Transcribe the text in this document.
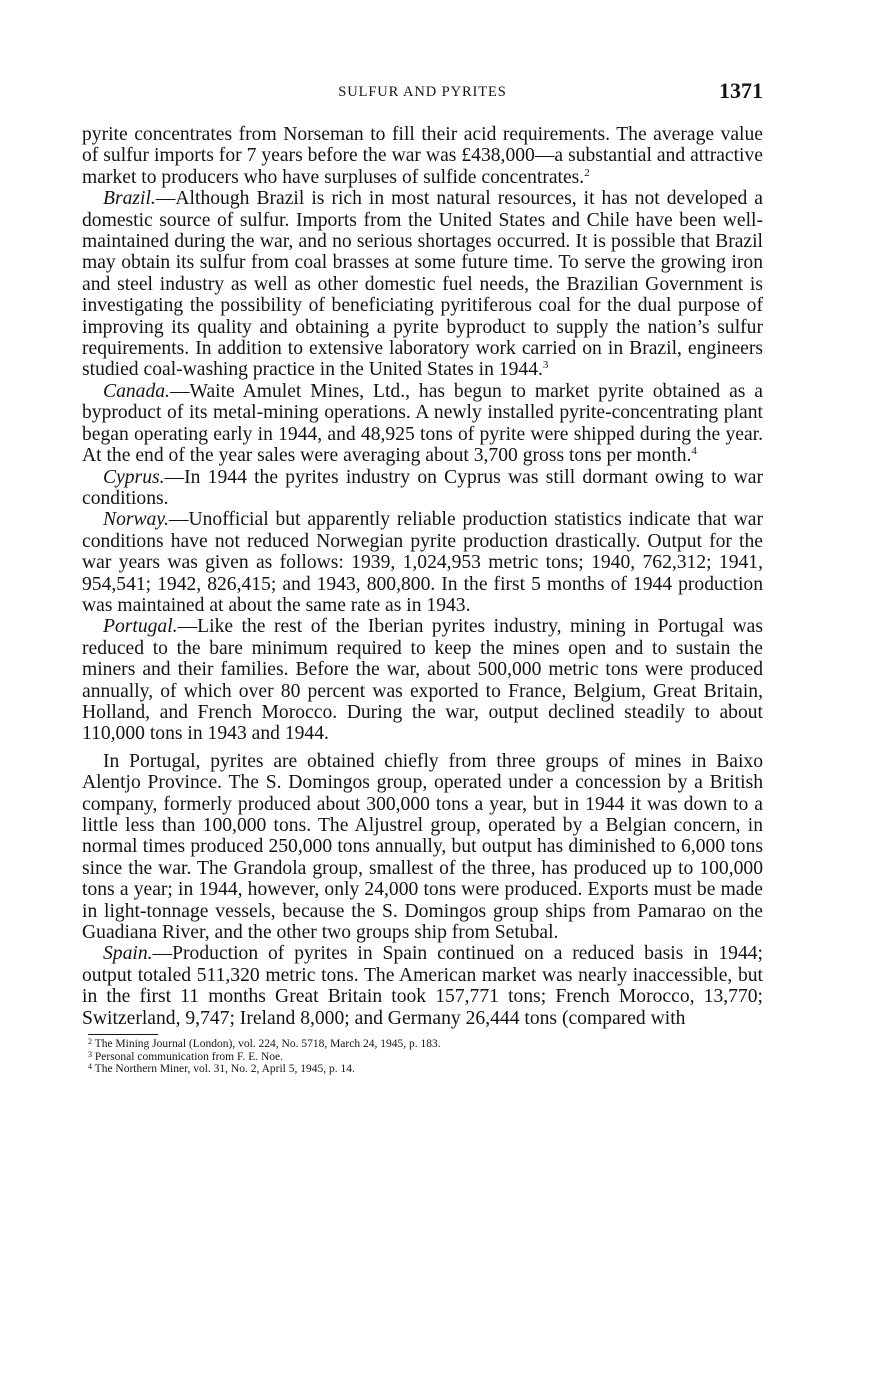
SULFUR AND PYRITES	1371

pyrite concentrates from Norseman to fill their acid requirements. The average value of sulfur imports for 7 years before the war was £438,000—a substantial and attractive market to producers who have surpluses of sulfide concentrates.$^2$

Brazil.—Although Brazil is rich in most natural resources, it has not developed a domestic source of sulfur. Imports from the United States and Chile have been well-maintained during the war, and no serious shortages occurred. It is possible that Brazil may obtain its sulfur from coal brasses at some future time. To serve the growing iron and steel industry as well as other domestic fuel needs, the Brazilian Government is investigating the possibility of beneficiating pyritiferous coal for the dual purpose of improving its quality and obtaining a pyrite byproduct to supply the nation’s sulfur requirements. In addition to extensive laboratory work carried on in Brazil, engineers studied coal-washing practice in the United States in 1944.$^3$

Canada.—Waite Amulet Mines, Ltd., has begun to market pyrite obtained as a byproduct of its metal-mining operations. A newly installed pyrite-concentrating plant began operating early in 1944, and 48,925 tons of pyrite were shipped during the year. At the end of the year sales were averaging about 3,700 gross tons per month.$^4$

Cyprus.—In 1944 the pyrites industry on Cyprus was still dormant owing to war conditions.

Norway.—Unofficial but apparently reliable production statistics indicate that war conditions have not reduced Norwegian pyrite production drastically. Output for the war years was given as follows: 1939, 1,024,953 metric tons; 1940, 762,312; 1941, 954,541; 1942, 826,415; and 1943, 800,800. In the first 5 months of 1944 production was maintained at about the same rate as in 1943.

Portugal.—Like the rest of the Iberian pyrites industry, mining in Portugal was reduced to the bare minimum required to keep the mines open and to sustain the miners and their families. Before the war, about 500,000 metric tons were produced annually, of which over 80 percent was exported to France, Belgium, Great Britain, Holland, and French Morocco. During the war, output declined steadily to about 110,000 tons in 1943 and 1944.

In Portugal, pyrites are obtained chiefly from three groups of mines in Baixo Alentjo Province. The S. Domingos group, operated under a concession by a British company, formerly produced about 300,000 tons a year, but in 1944 it was down to a little less than 100,000 tons. The Aljustrel group, operated by a Belgian concern, in normal times produced 250,000 tons annually, but output has diminished to 6,000 tons since the war. The Grandola group, smallest of the three, has produced up to 100,000 tons a year; in 1944, however, only 24,000 tons were produced. Exports must be made in light-tonnage vessels, because the S. Domingos group ships from Pamarao on the Guadiana River, and the other two groups ship from Setubal.

Spain.—Production of pyrites in Spain continued on a reduced basis in 1944; output totaled 511,320 metric tons. The American market was nearly inaccessible, but in the first 11 months Great Britain took 157,771 tons; French Morocco, 13,770; Switzerland, 9,747; Ireland 8,000; and Germany 26,444 tons (compared with

$^2$ The Mining Journal (London), vol. 224, No. 5718, March 24, 1945, p. 183.

$^3$ Personal communication from F. E. Noe.

$^4$ The Northern Miner, vol. 31, No. 2, April 5, 1945, p. 14.
